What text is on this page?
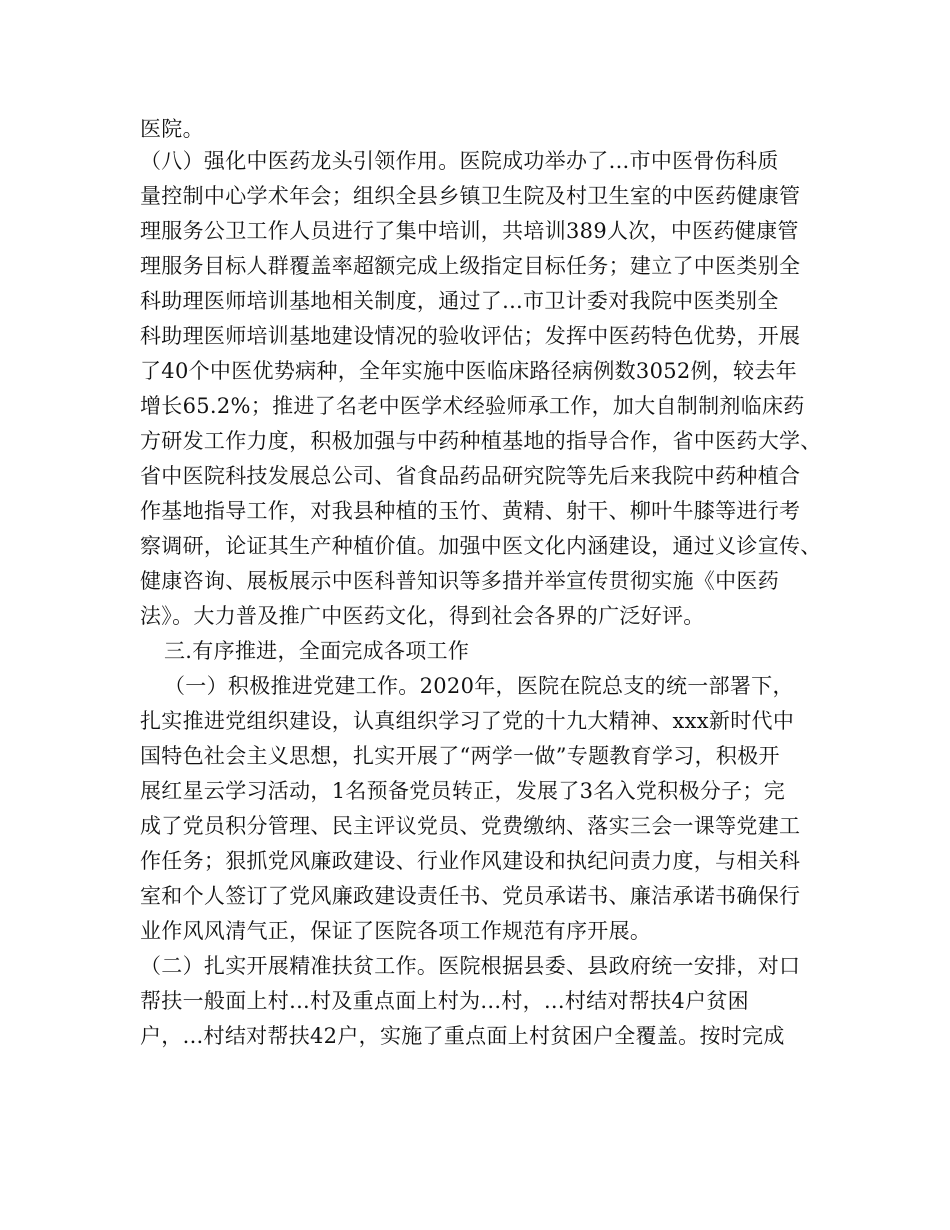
医院。
（八）强化中医药龙头引领作用。医院成功举办了...市中医骨伤科质
量控制中心学术年会；组织全县乡镇卫生院及村卫生室的中医药健康管
理服务公卫工作人员进行了集中培训，共培训389人次，中医药健康管
理服务目标人群覆盖率超额完成上级指定目标任务；建立了中医类别全
科助理医师培训基地相关制度，通过了...市卫计委对我院中医类别全
科助理医师培训基地建设情况的验收评估；发挥中医药特色优势，开展
了40个中医优势病种，全年实施中医临床路径病例数3052例，较去年
增长65.2%；推进了名老中医学术经验师承工作，加大自制制剂临床药
方研发工作力度，积极加强与中药种植基地的指导合作，省中医药大学、
省中医院科技发展总公司、省食品药品研究院等先后来我院中药种植合
作基地指导工作，对我县种植的玉竹、黄精、射干、柳叶牛膝等进行考
察调研，论证其生产种植价值。加强中医文化内涵建设，通过义诊宣传、
健康咨询、展板展示中医科普知识等多措并举宣传贯彻实施《中医药
法》。大力普及推广中医药文化，得到社会各界的广泛好评。
三.有序推进，全面完成各项工作
（一）积极推进党建工作。2020年，医院在院总支的统一部署下，
扎实推进党组织建设，认真组织学习了党的十九大精神、xxx新时代中
国特色社会主义思想，扎实开展了“两学一做”专题教育学习，积极开
展红星云学习活动，1名预备党员转正，发展了3名入党积极分子；完
成了党员积分管理、民主评议党员、党费缴纳、落实三会一课等党建工
作任务；狠抓党风廉政建设、行业作风建设和执纪问责力度，与相关科
室和个人签订了党风廉政建设责任书、党员承诺书、廉洁承诺书确保行
业作风风清气正，保证了医院各项工作规范有序开展。
（二）扎实开展精准扶贫工作。医院根据县委、县政府统一安排，对口
帮扶一般面上村...村及重点面上村为...村，...村结对帮扶4户贫困
户，...村结对帮扶42户，实施了重点面上村贫困户全覆盖。按时完成
